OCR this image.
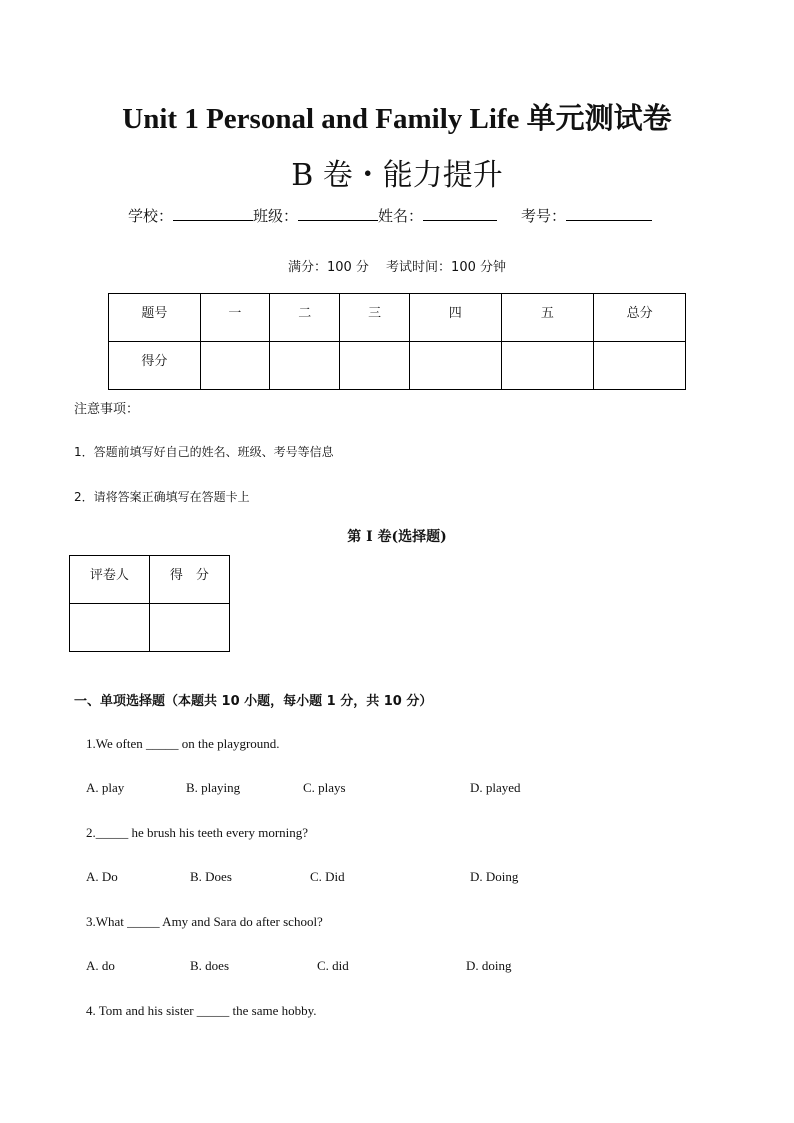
Unit 1 Personal and Family Life 单元测试卷
B 卷・能力提升
学校：	班级：	姓名：	考号：
满分：100 分　 考试时间：100 分钟
题号	一	二	三	四	五	总分
得分						
注意事项：
1．答题前填写好自己的姓名、班级、考号等信息
2．请将答案正确填写在答题卡上
第 I 卷(选择题)
评卷人	得　分

一、单项选择题（本题共 10 小题，每小题 1 分，共 10 分）
1.We often _____ on the playground.
A. play	B. playing	C. plays	D. played
2._____ he brush his teeth every morning?
A. Do	B. Does	C. Did	D. Doing
3.What _____ Amy and Sara do after school?
A. do	B. does	C. did	D. doing
4. Tom and his sister _____ the same hobby.
